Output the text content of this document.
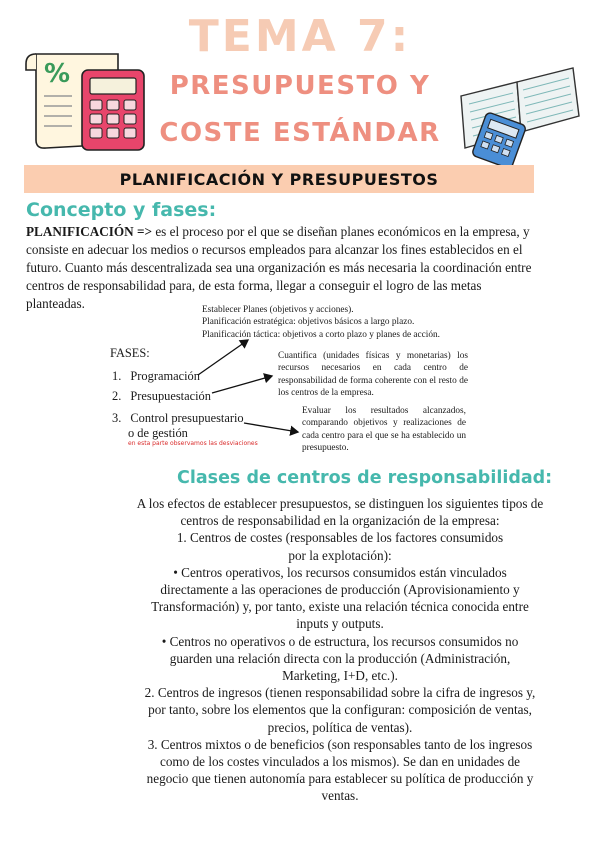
%
TEMA 7:
PRESUPUESTO Y
COSTE ESTÁNDAR
PLANIFICACIÓN Y PRESUPUESTOS
Concepto y fases:
PLANIFICACIÓN => es el proceso por el que se diseñan planes económicos en la empresa, y consiste en adecuar los medios o recursos empleados para alcanzar los fines establecidos en el futuro. Cuanto más descentralizada sea una organización es más necesaria la coordinación entre centros de responsabilidad para, de esta forma, llegar a conseguir el logro de las metas planteadas.	Establecer Planes (objetivos y acciones).
Planificación estratégica: objetivos básicos a largo plazo.
Planificación táctica: objetivos a corto plazo y planes de acción.
Cuantifica (unidades físicas y monetarias) los recursos necesarios en cada centro de responsabilidad de forma coherente con el resto de los centros de la empresa.
Evaluar los resultados alcanzados, comparando objetivos y realizaciones de cada centro para el que se ha establecido un presupuesto.
FASES:
1. Programación
2. Presupuestación
3. Control presupuestario
o de gestión
en esta parte observamos las desviaciones
Clases de centros de responsabilidad:

A los efectos de establecer presupuestos, se distinguen los siguientes tipos de centros de responsabilidad en la organización de la empresa:

1. Centros de costes (responsables de los factores consumidos por la explotación):

• Centros operativos, los recursos consumidos están vinculados directamente a las operaciones de producción (Aprovisionamiento y Transformación) y, por tanto, existe una relación técnica conocida entre inputs y outputs.

• Centros no operativos o de estructura, los recursos consumidos no guarden una relación directa con la producción (Administración, Marketing, I+D, etc.).

2. Centros de ingresos (tienen responsabilidad sobre la cifra de ingresos y, por tanto, sobre los elementos que la configuran: composición de ventas, precios, política de ventas).

3. Centros mixtos o de beneficios (son responsables tanto de los ingresos como de los costes vinculados a los mismos). Se dan en unidades de negocio que tienen autonomía para establecer su política de producción y ventas.
